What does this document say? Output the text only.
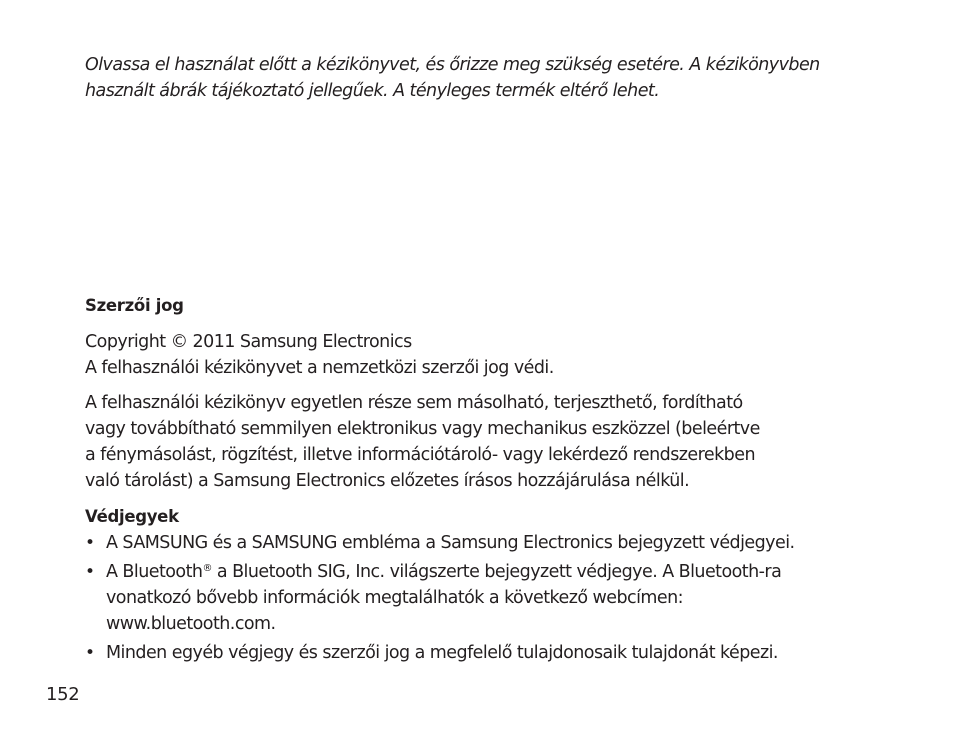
Olvassa el használat előtt a kézikönyvet, és őrizze meg szükség esetére. A kézikönyvben
használt ábrák tájékoztató jellegűek. A tényleges termék eltérő lehet.

Szerzői jog

Copyright © 2011 Samsung Electronics
A felhasználói kézikönyvet a nemzetközi szerzői jog védi.

A felhasználói kézikönyv egyetlen része sem másolható, terjeszthető, fordítható
vagy továbbítható semmilyen elektronikus vagy mechanikus eszközzel (beleértve
a fénymásolást, rögzítést, illetve információtároló- vagy lekérdező rendszerekben
való tárolást) a Samsung Electronics előzetes írásos hozzájárulása nélkül.

Védjegyek

• A SAMSUNG és a SAMSUNG embléma a Samsung Electronics bejegyzett védjegyei.
• A Bluetooth® a Bluetooth SIG, Inc. világszerte bejegyzett védjegye. A Bluetooth-ra
vonatkozó bővebb információk megtalálhatók a következő webcímen:
www.bluetooth.com.
• Minden egyéb végjegy és szerzői jog a megfelelő tulajdonosaik tulajdonát képezi.

152
